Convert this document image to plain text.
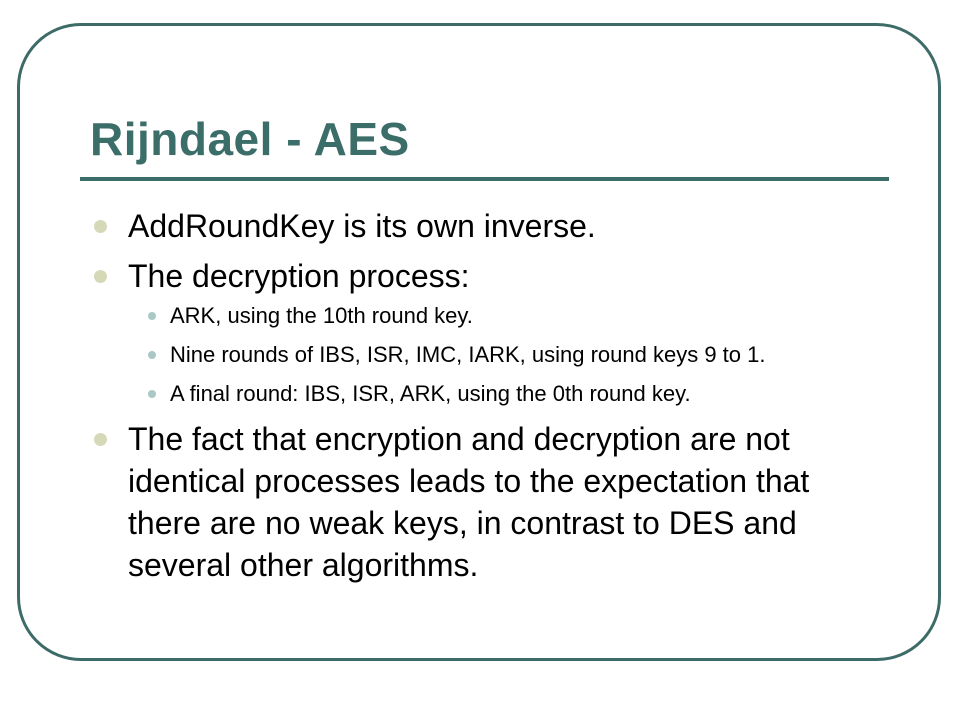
Rijndael - AES
AddRoundKey is its own inverse.
The decryption process:
ARK, using the 10th round key.
Nine rounds of IBS, ISR, IMC, IARK, using round keys 9 to 1.
A final round: IBS, ISR, ARK, using the 0th round key.
The fact that encryption and decryption are not identical processes leads to the expectation that there are no weak keys, in contrast to DES and several other algorithms.
